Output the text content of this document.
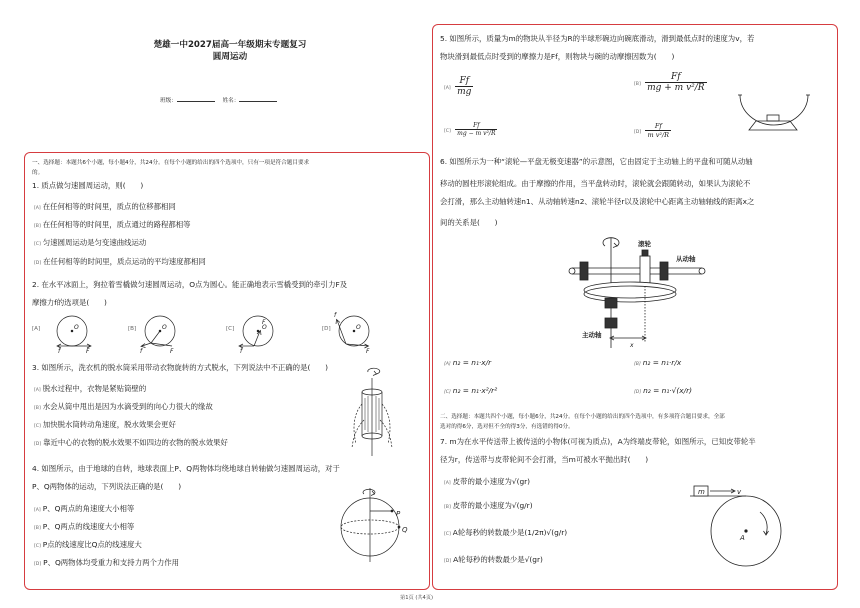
楚雄一中2027届高一年级期末专题复习
圆周运动
班级：	姓名：
一、选择题：本题共6个小题，每小题4分，共24分。在每个小题的给出的四个选项中，只有一项是符合题目要求
的。
1. 质点做匀速圆周运动，则(　　)
[A] 在任何相等的时间里，质点的位移都相同
[B] 在任何相等的时间里，质点通过的路程都相等
[C] 匀速圆周运动是匀变速曲线运动
[D] 在任何相等的时间里，质点运动的平均速度都相同
2. 在水平冰面上，狗拉着雪橇做匀速圆周运动，O点为圆心。能正确地表示雪橇受到的牵引力F及
摩擦力f的选项是(　　)
[A]	[B]	[C]	[D]
O
f	F
O
f	F
O
f
F
O
f
F
3. 如图所示，洗衣机的脱水筒采用带动衣物旋转的方式脱水，下列说法中不正确的是(　　)
[A] 脱水过程中，衣物是紧贴筒壁的
[B] 水会从筒中甩出是因为水滴受到的向心力很大的缘故
[C] 加快脱水筒转动角速度，脱水效果会更好
[D] 靠近中心的衣物的脱水效果不如四边的衣物的脱水效果好
4. 如图所示，由于地球的自转，地球表面上P、Q两物体均绕地球自转轴做匀速圆周运动，对于
P、Q两物体的运动，下列说法正确的是(　　)
[A] P、Q两点的角速度大小相等
[B] P、Q两点的线速度大小相等
[C] P点的线速度比Q点的线速度大
[D] P、Q两物体均受重力和支持力两个力作用
P
Q
5. 如图所示，质量为m的物块从半径为R的半球形碗边向碗底滑动，滑到最低点时的速度为v，若
物块滑到最低点时受到的摩擦力是Ff，则物块与碗的动摩擦因数为(　　)
$[A] \frac{Ff}{mg}$	$[B] \frac{Ff}{\text{mg + m v²/R}}$
$[C] \frac{Ff}{\text{mg − m v²/R}}$	$[D] \frac{Ff}{\text{m v²/R}}$
6. 如图所示为一种“滚轮—平盘无极变速器”的示意图，它由固定于主动轴上的平盘和可随从动轴
移动的圆柱形滚轮组成。由于摩擦的作用，当平盘转动时，滚轮就会跟随转动，如果认为滚轮不
会打滑，那么主动轴转速n1、从动轴转速n2、滚轮半径r以及滚轮中心距离主动轴轴线的距离x之
间的关系是(　　)
滚轮
从动轴
主动轴
x
[A] n₂ = n₁·x/r	[B] n₂ = n₁·r/x
[C] n₂ = n₁·x²/r²	[D] n₂ = n₁·√(x/r)
二、选择题：本题共四个小题，每小题6分，共24分。在每个小题的给出的四个选项中，有多项符合题目要求，全部
选对的得6分，选对但不全的得3分，有选错的得0分。
7. m为在水平传送带上被传送的小物体(可视为质点)，A为终端皮带轮，如图所示，已知皮带轮半
径为r，传送带与皮带轮间不会打滑，当m可被水平抛出时(　　)
[A] 皮带的最小速度为√(gr)
[B] 皮带的最小速度为√(g/r)
[C] A轮每秒的转数最少是(1/2π)√(g/r)
[D] A轮每秒的转数最少是√(gr)
m	v
A
第1页 (共4页)
